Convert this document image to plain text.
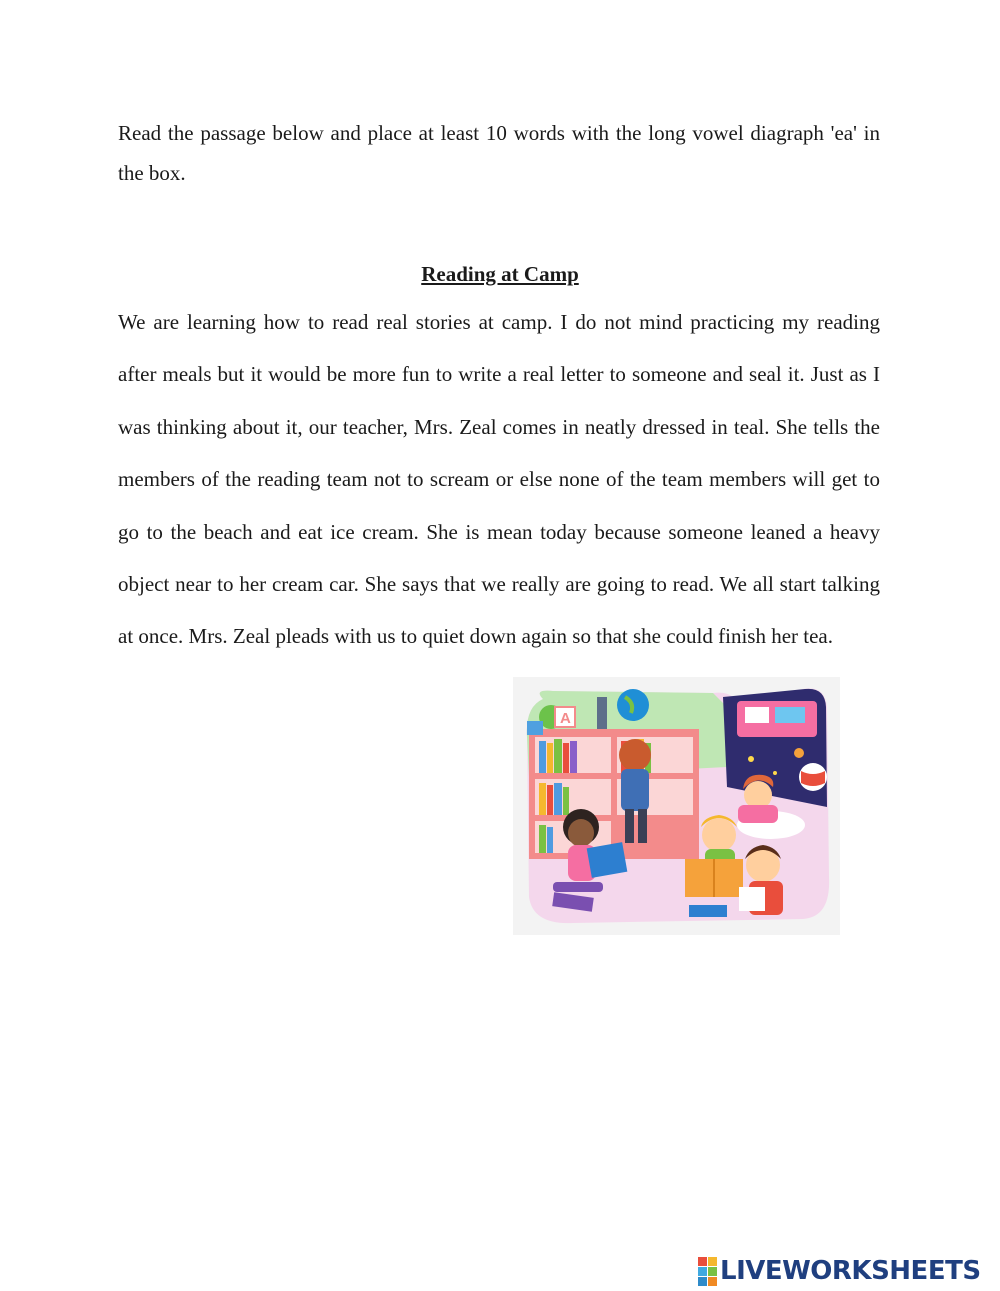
Read the passage below and place at least 10 words with the long vowel diagraph 'ea' in the box.

Reading at Camp

We are learning how to read real stories at camp. I do not mind practicing my reading after meals but it would be more fun to write a real letter to someone and seal it. Just as I was thinking about it, our teacher, Mrs. Zeal comes in neatly dressed in teal. She tells the members of the reading team not to scream or else none of the team members will get to go to the beach and eat ice cream. She is mean today because someone leaned a heavy object near to her cream car. She says that we really are going to read. We all start talking at once. Mrs. Zeal pleads with us to quiet down again so that she could finish her tea.

A
LIVEWORKSHEETS
